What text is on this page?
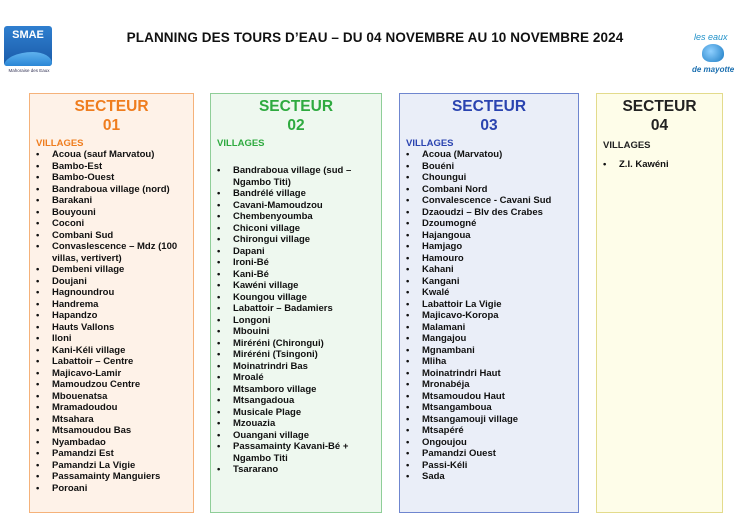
SMAE
Mahoraise des Eaux
PLANNING DES TOURS D’EAU – DU 04 NOVEMBRE AU 10 NOVEMBRE 2024	les eaux
de mayotte
SECTEUR
01
VILLAGES
• Acoua (sauf Marvatou)
• Bambo-Est
• Bambo-Ouest
• Bandraboua village (nord)
• Barakani
• Bouyouni
• Coconi
• Combani Sud
• Convaslescence – Mdz (100 villas, vertivert)
• Dembeni village
• Doujani
• Hagnoundrou
• Handrema
• Hapandzo
• Hauts Vallons
• Iloni
• Kani-Kéli village
• Labattoir – Centre
• Majicavo-Lamir
• Mamoudzou Centre
• Mbouenatsa
• Mramadoudou
• Mtsahara
• Mtsamoudou Bas
• Nyambadao
• Pamandzi Est
• Pamandzi La Vigie
• Passamainty Manguiers
• Poroani
SECTEUR
02
VILLAGES
• Bandraboua village (sud – Ngambo Titi)
• Bandrélé village
• Cavani-Mamoudzou
• Chembenyoumba
• Chiconi village
• Chirongui village
• Dapani
• Ironi-Bé
• Kani-Bé
• Kawéni village
• Koungou village
• Labattoir – Badamiers
• Longoni
• Mbouini
• Miréréni (Chirongui)
• Miréréni (Tsingoni)
• Moinatrindri Bas
• Mroalé
• Mtsamboro village
• Mtsangadoua
• Musicale Plage
• Mzouazia
• Ouangani village
• Passamainty Kavani-Bé + Ngambo Titi
• Tsararano
SECTEUR
03
VILLAGES
• Acoua (Marvatou)
• Bouéni
• Choungui
• Combani Nord
• Convalescence - Cavani Sud
• Dzaoudzi – Blv des Crabes
• Dzoumogné
• Hajangoua
• Hamjago
• Hamouro
• Kahani
• Kangani
• Kwalé
• Labattoir La Vigie
• Majicavo-Koropa
• Malamani
• Mangajou
• Mgnambani
• Mliha
• Moinatrindri Haut
• Mronabéja
• Mtsamoudou Haut
• Mtsangamboua
• Mtsangamouji village
• Mtsapéré
• Ongoujou
• Pamandzi Ouest
• Passi-Kéli
• Sada
SECTEUR
04
VILLAGES
• Z.I. Kawéni
